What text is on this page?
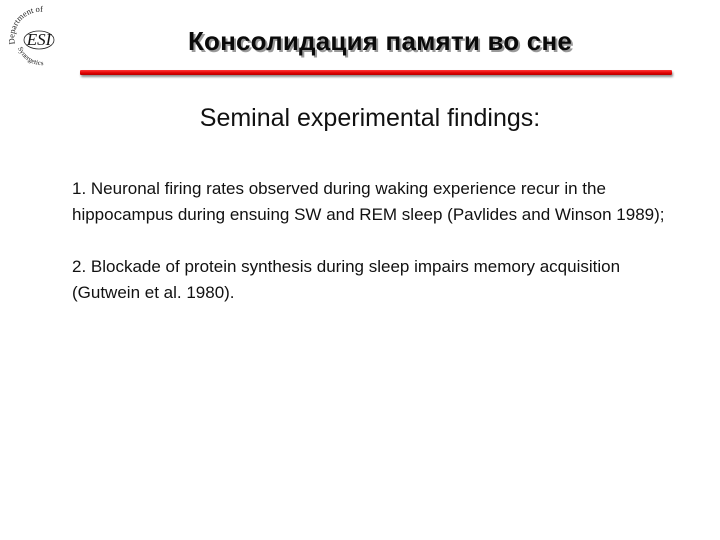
Department of
ESI
Synergetics
Консолидация памяти во сне
Seminal experimental findings:

1. Neuronal firing rates observed during waking experience recur in the hippocampus during ensuing SW and REM sleep (Pavlides and Winson 1989);

2. Blockade of protein synthesis during sleep impairs memory acquisition (Gutwein et al. 1980).
